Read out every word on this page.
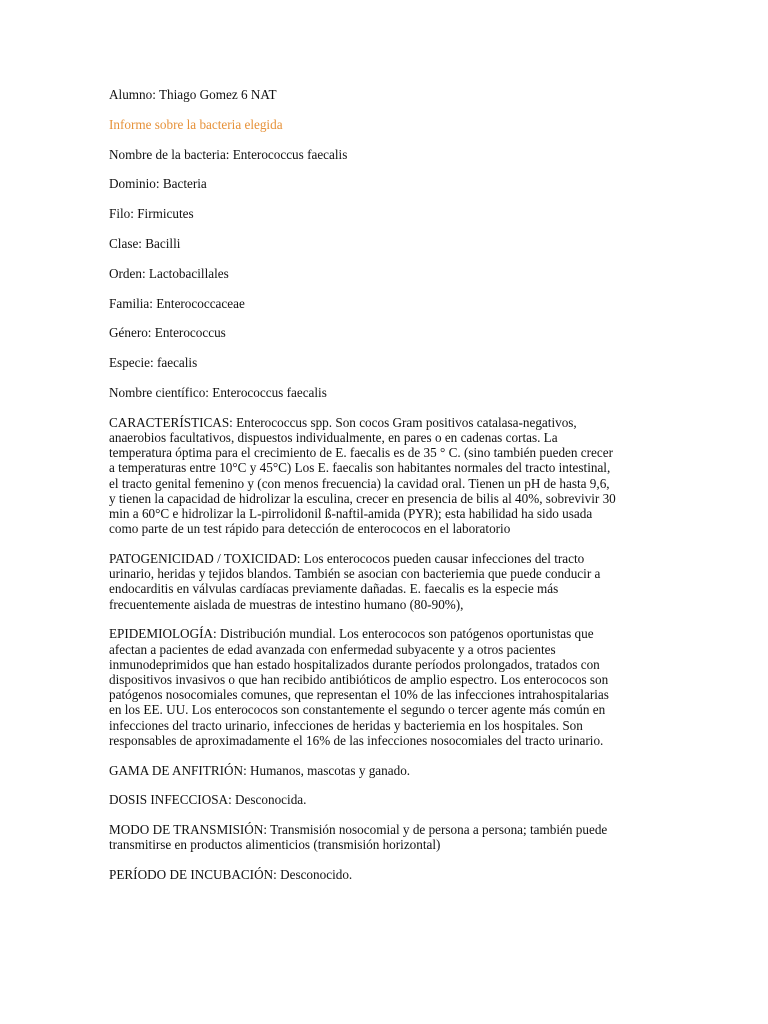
Alumno: Thiago Gomez 6 NAT
Informe sobre la bacteria elegida
Nombre de la bacteria: Enterococcus faecalis
Dominio: Bacteria
Filo: Firmicutes
Clase: Bacilli
Orden: Lactobacillales
Familia: Enterococcaceae
Género: Enterococcus
Especie: faecalis
Nombre científico: Enterococcus faecalis
CARACTERÍSTICAS: Enterococcus spp. Son cocos Gram positivos catalasa-negativos,
anaerobios facultativos, dispuestos individualmente, en pares o en cadenas cortas. La
temperatura óptima para el crecimiento de E. faecalis es de 35 ° C. (sino también pueden crecer
a temperaturas entre 10°C y 45°C) Los E. faecalis son habitantes normales del tracto intestinal,
el tracto genital femenino y (con menos frecuencia) la cavidad oral. Tienen un pH de hasta 9,6,
y tienen la capacidad de hidrolizar la esculina, crecer en presencia de bilis al 40%, sobrevivir 30
min a 60°C e hidrolizar la L-pirrolidonil ß-naftil-amida (PYR); esta habilidad ha sido usada
como parte de un test rápido para detección de enterococos en el laboratorio
PATOGENICIDAD / TOXICIDAD: Los enterococos pueden causar infecciones del tracto
urinario, heridas y tejidos blandos. También se asocian con bacteriemia que puede conducir a
endocarditis en válvulas cardíacas previamente dañadas. E. faecalis es la especie más
frecuentemente aislada de muestras de intestino humano (80-90%),
EPIDEMIOLOGÍA: Distribución mundial. Los enterococos son patógenos oportunistas que
afectan a pacientes de edad avanzada con enfermedad subyacente y a otros pacientes
inmunodeprimidos que han estado hospitalizados durante períodos prolongados, tratados con
dispositivos invasivos o que han recibido antibióticos de amplio espectro. Los enterococos son
patógenos nosocomiales comunes, que representan el 10% de las infecciones intrahospitalarias
en los EE. UU. Los enterococos son constantemente el segundo o tercer agente más común en
infecciones del tracto urinario, infecciones de heridas y bacteriemia en los hospitales. Son
responsables de aproximadamente el 16% de las infecciones nosocomiales del tracto urinario.
GAMA DE ANFITRIÓN: Humanos, mascotas y ganado.
DOSIS INFECCIOSA: Desconocida.
MODO DE TRANSMISIÓN: Transmisión nosocomial y de persona a persona; también puede
transmitirse en productos alimenticios (transmisión horizontal)
PERÍODO DE INCUBACIÓN: Desconocido.
